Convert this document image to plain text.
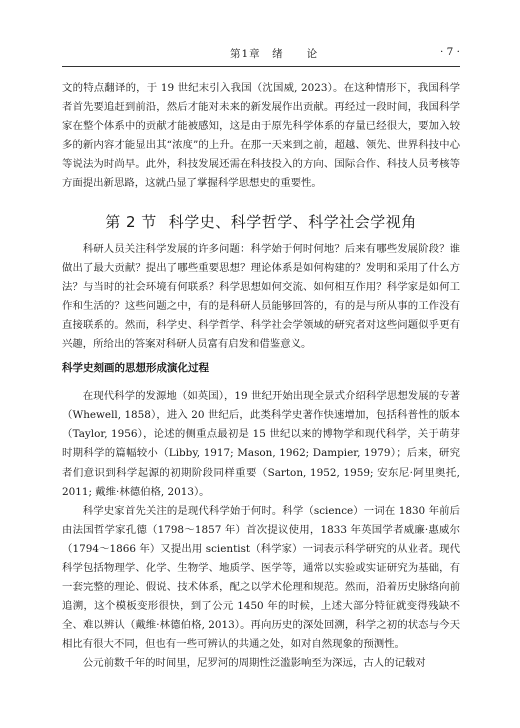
第1章　绪　　论	· 7 ·

文的特点翻译的，于 19 世纪末引入我国（沈国威, 2023）。在这种情形下，我国科学者首先要追赶到前沿，然后才能对未来的新发展作出贡献。再经过一段时间，我国科学家在整个体系中的贡献才能被感知，这是由于原先科学体系的存量已经很大，要加入较多的新内容才能显出其“浓度”的上升。在那一天来到之前，超越、领先、世界科技中心等说法为时尚早。此外，科技发展还需在科技投入的方向、国际合作、科技人员考核等方面提出新思路，这就凸显了掌握科学思想史的重要性。

第 2 节 科学史、科学哲学、科学社会学视角

科研人员关注科学发展的许多问题：科学始于何时何地？后来有哪些发展阶段？谁做出了最大贡献？提出了哪些重要思想？理论体系是如何构建的？发明和采用了什么方法？与当时的社会环境有何联系？科学思想如何交流、如何相互作用？科学家是如何工作和生活的？这些问题之中，有的是科研人员能够回答的，有的是与所从事的工作没有直接联系的。然而，科学史、科学哲学、科学社会学领域的研究者对这些问题似乎更有兴趣，所给出的答案对科研人员富有启发和借鉴意义。

科学史刻画的思想形成演化过程

在现代科学的发源地（如英国），19 世纪开始出现全景式介绍科学思想发展的专著（Whewell, 1858），进入 20 世纪后，此类科学史著作快速增加，包括科普性的版本（Taylor, 1956），论述的侧重点最初是 15 世纪以来的博物学和现代科学，关于萌芽时期科学的篇幅较小（Libby, 1917; Mason, 1962; Dampier, 1979）；后来，研究者们意识到科学起源的初期阶段同样重要（Sarton, 1952, 1959; 安东尼·阿里奥托, 2011; 戴维·林德伯格, 2013）。

科学史家首先关注的是现代科学始于何时。科学（science）一词在 1830 年前后由法国哲学家孔德（1798～1857 年）首次提议使用，1833 年英国学者威廉·惠威尔（1794～1866 年）又提出用 scientist（科学家）一词表示科学研究的从业者。现代科学包括物理学、化学、生物学、地质学、医学等，通常以实验或实证研究为基础，有一套完整的理论、假说、技术体系，配之以学术伦理和规范。然而，沿着历史脉络向前追溯，这个模板变形很快，到了公元 1450 年的时候，上述大部分特征就变得残缺不全、难以辨认（戴维·林德伯格, 2013）。再向历史的深处回溯，科学之初的状态与今天相比有很大不同，但也有一些可辨认的共通之处，如对自然现象的预测性。

公元前数千年的时间里，尼罗河的周期性泛滥影响至为深远，古人的记载对
